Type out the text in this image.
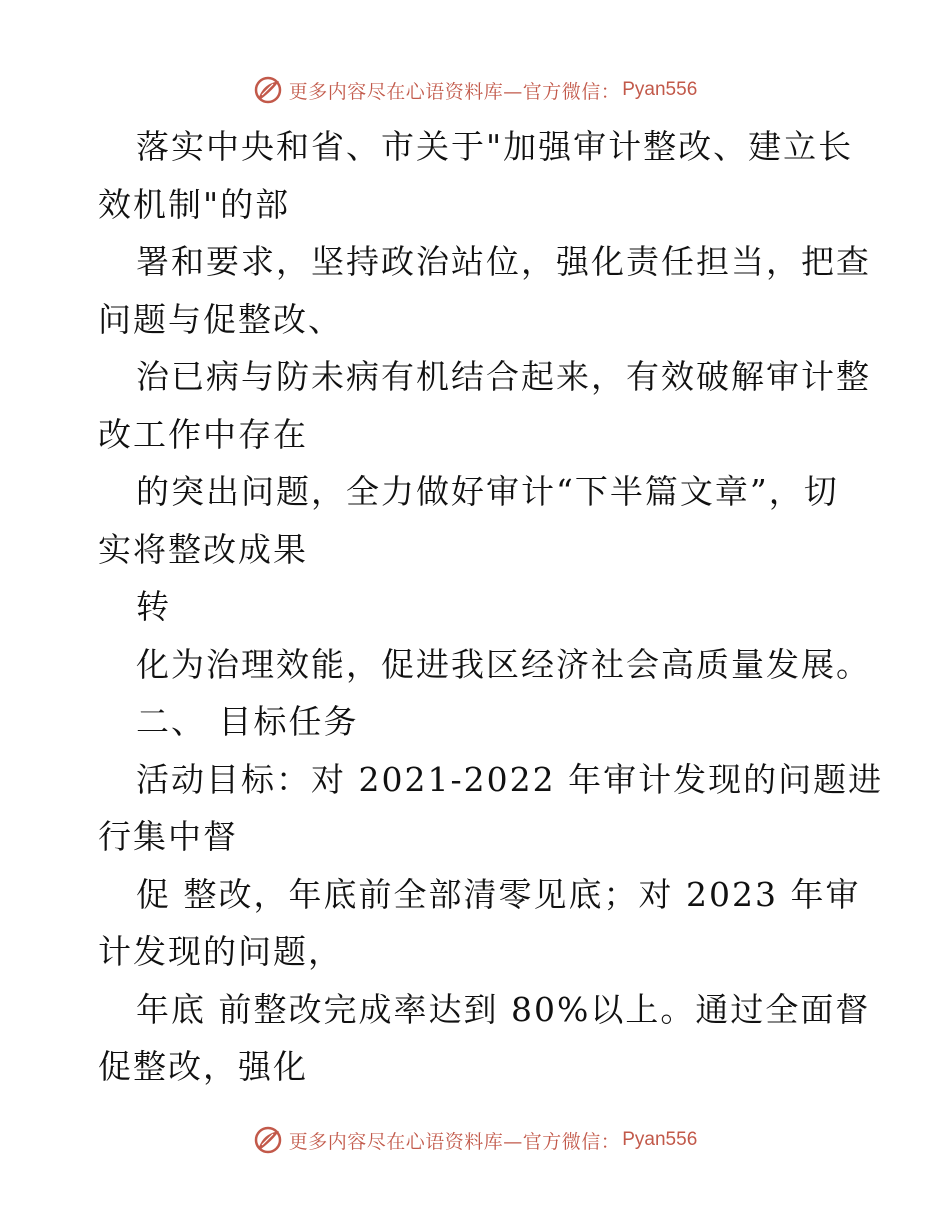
更多内容尽在心语资料库—官方微信： Pyan556
落实中央和省、市关于"加强审计整改、建立长
效机制"的部
署和要求，坚持政治站位，强化责任担当，把查
问题与促整改、
治已病与防未病有机结合起来，有效破解审计整
改工作中存在
的突出问题，全力做好审计“下半篇文章”，切
实将整改成果
转
化为治理效能，促进我区经济社会高质量发展。
二、 目标任务
活动目标：对 2021-2022 年审计发现的问题进
行集中督
促 整改，年底前全部清零见底；对 2023 年审
计发现的问题，
年底 前整改完成率达到 80%以上。通过全面督
促整改，强化
更多内容尽在心语资料库—官方微信： Pyan556
